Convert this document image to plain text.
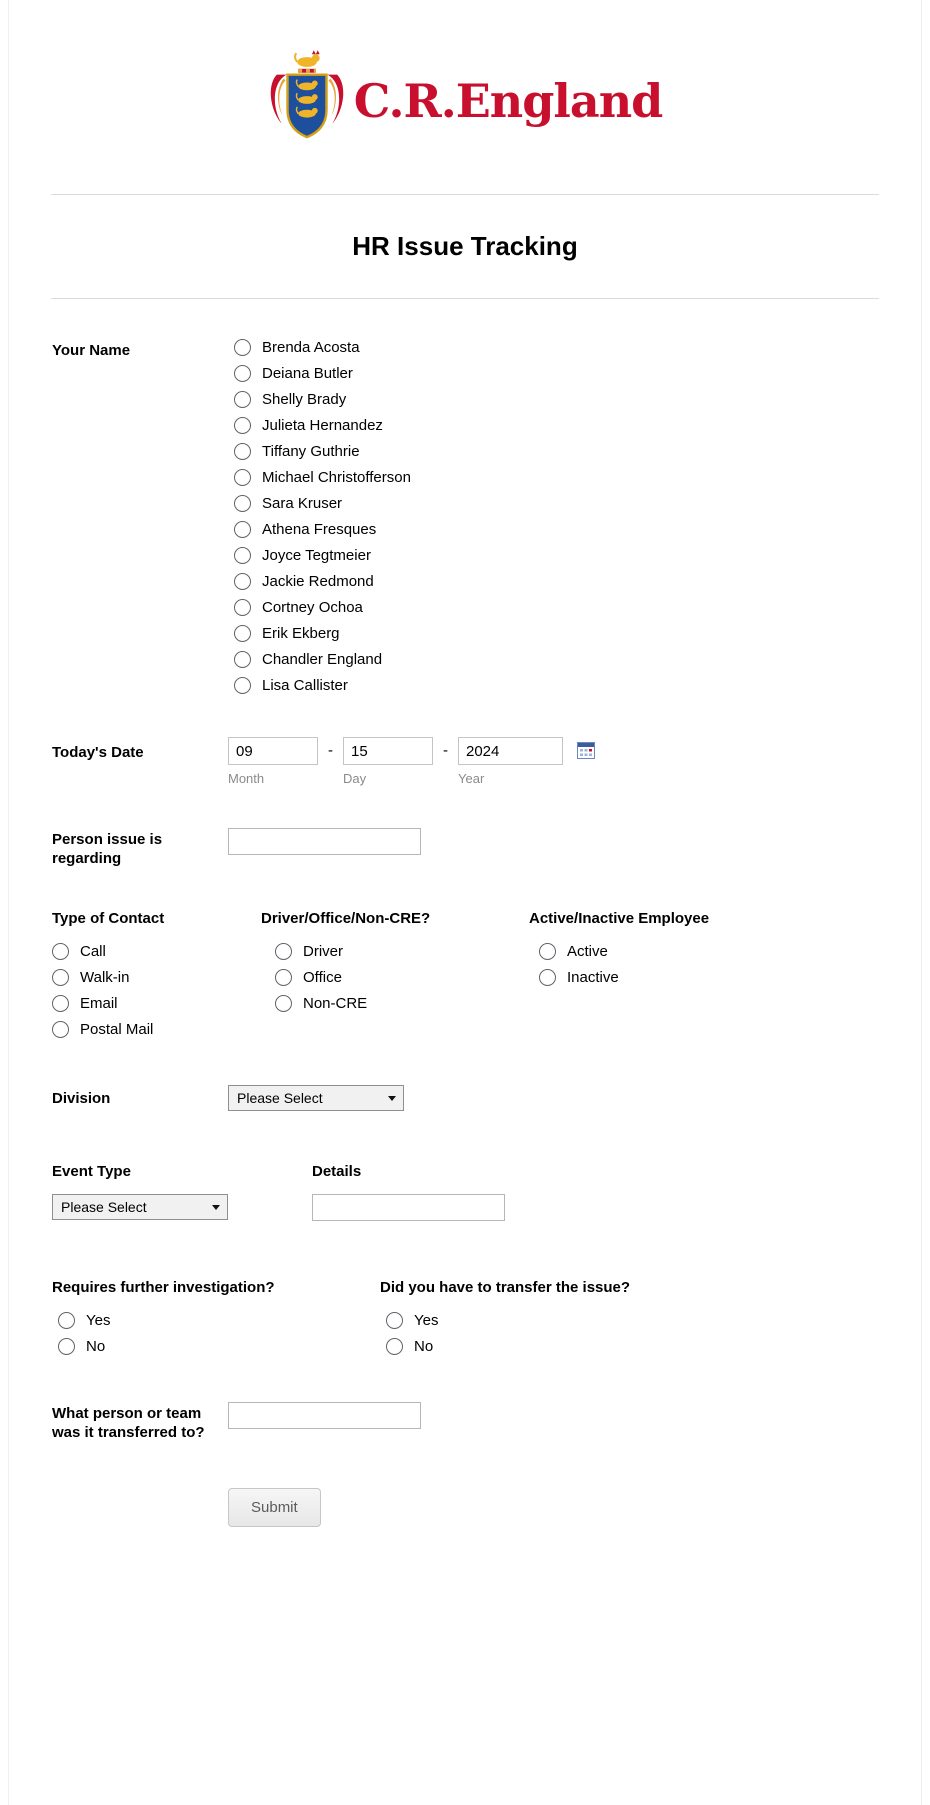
C.R.England
HR Issue Tracking
Your Name	Brenda Acosta
Deiana Butler
Shelly Brady
Julieta Hernandez
Tiffany Guthrie
Michael Christofferson
Sara Kruser
Athena Fresques
Joyce Tegtmeier
Jackie Redmond
Cortney Ochoa
Erik Ekberg
Chandler England
Lisa Callister
Today's Date
09
Month
-
15
Day
-
2024
Year
Person issue is regarding
Type of Contact
Call
Walk-in
Email
Postal Mail
Driver/Office/Non-CRE?
Driver
Office
Non-CRE
Active/Inactive Employee
Active
Inactive
Division	Please Select
Event Type
Please Select
Details
Requires further investigation?
Yes
No
Did you have to transfer the issue?
Yes
No
What person or team was it transferred to?
Submit
